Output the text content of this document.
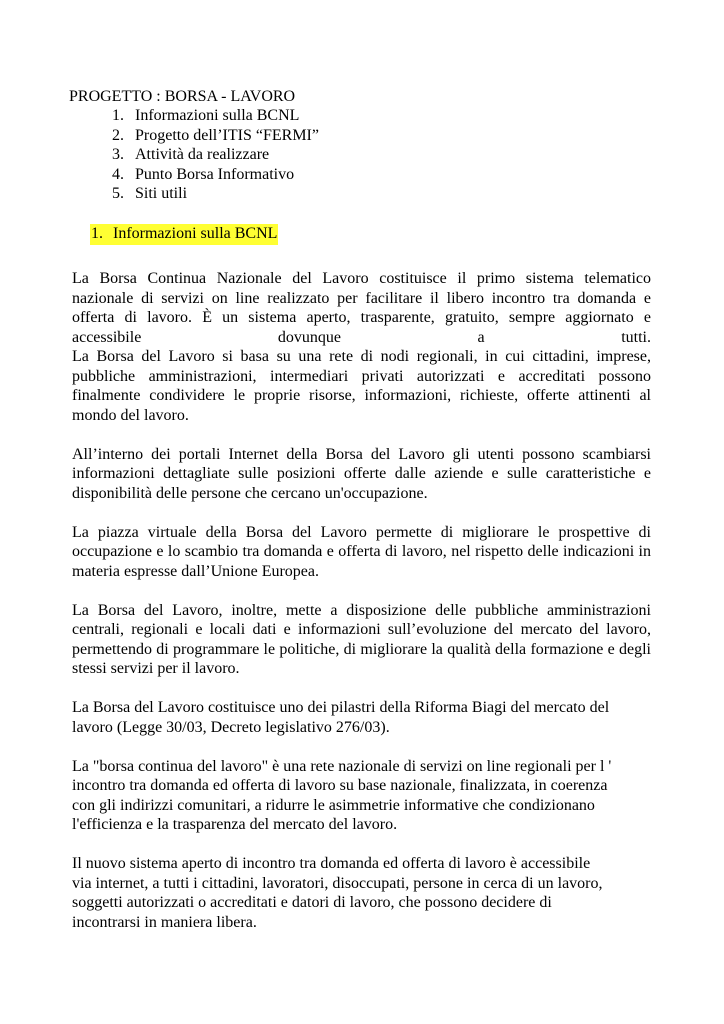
PROGETTO : BORSA - LAVORO
1. Informazioni sulla BCNL
2. Progetto dell’ITIS “FERMI”
3. Attività da realizzare
4. Punto Borsa Informativo
5. Siti utili
1. Informazioni sulla BCNL

La Borsa Continua Nazionale del Lavoro costituisce il primo sistema telematico
nazionale di servizi on line realizzato per facilitare il libero incontro tra domanda e
offerta di lavoro. È un sistema aperto, trasparente, gratuito, sempre aggiornato e
accessibile dovunque a tutti.
La Borsa del Lavoro si basa su una rete di nodi regionali, in cui cittadini, imprese, pubbliche amministrazioni, intermediari privati autorizzati e accreditati possono finalmente condividere le proprie risorse, informazioni, richieste, offerte attinenti al mondo del lavoro.

All’interno dei portali Internet della Borsa del Lavoro gli utenti possono scambiarsi informazioni dettagliate sulle posizioni offerte dalle aziende e sulle caratteristiche e disponibilità delle persone che cercano un'occupazione.

La piazza virtuale della Borsa del Lavoro permette di migliorare le prospettive di occupazione e lo scambio tra domanda e offerta di lavoro, nel rispetto delle indicazioni in materia espresse dall’Unione Europea.

La Borsa del Lavoro, inoltre, mette a disposizione delle pubbliche amministrazioni centrali, regionali e locali dati e informazioni sull’evoluzione del mercato del lavoro, permettendo di programmare le politiche, di migliorare la qualità della formazione e degli stessi servizi per il lavoro.

La Borsa del Lavoro costituisce uno dei pilastri della Riforma Biagi del mercato del
lavoro (Legge 30/03, Decreto legislativo 276/03).

La "borsa continua del lavoro" è una rete nazionale di servizi on line regionali per l '
incontro tra domanda ed offerta di lavoro su base nazionale, finalizzata, in coerenza
con gli indirizzi comunitari, a ridurre le asimmetrie informative che condizionano
l'efficienza e la trasparenza del mercato del lavoro.

Il nuovo sistema aperto di incontro tra domanda ed offerta di lavoro è accessibile
via internet, a tutti i cittadini, lavoratori, disoccupati, persone in cerca di un lavoro,
soggetti autorizzati o accreditati e datori di lavoro, che possono decidere di
incontrarsi in maniera libera.
